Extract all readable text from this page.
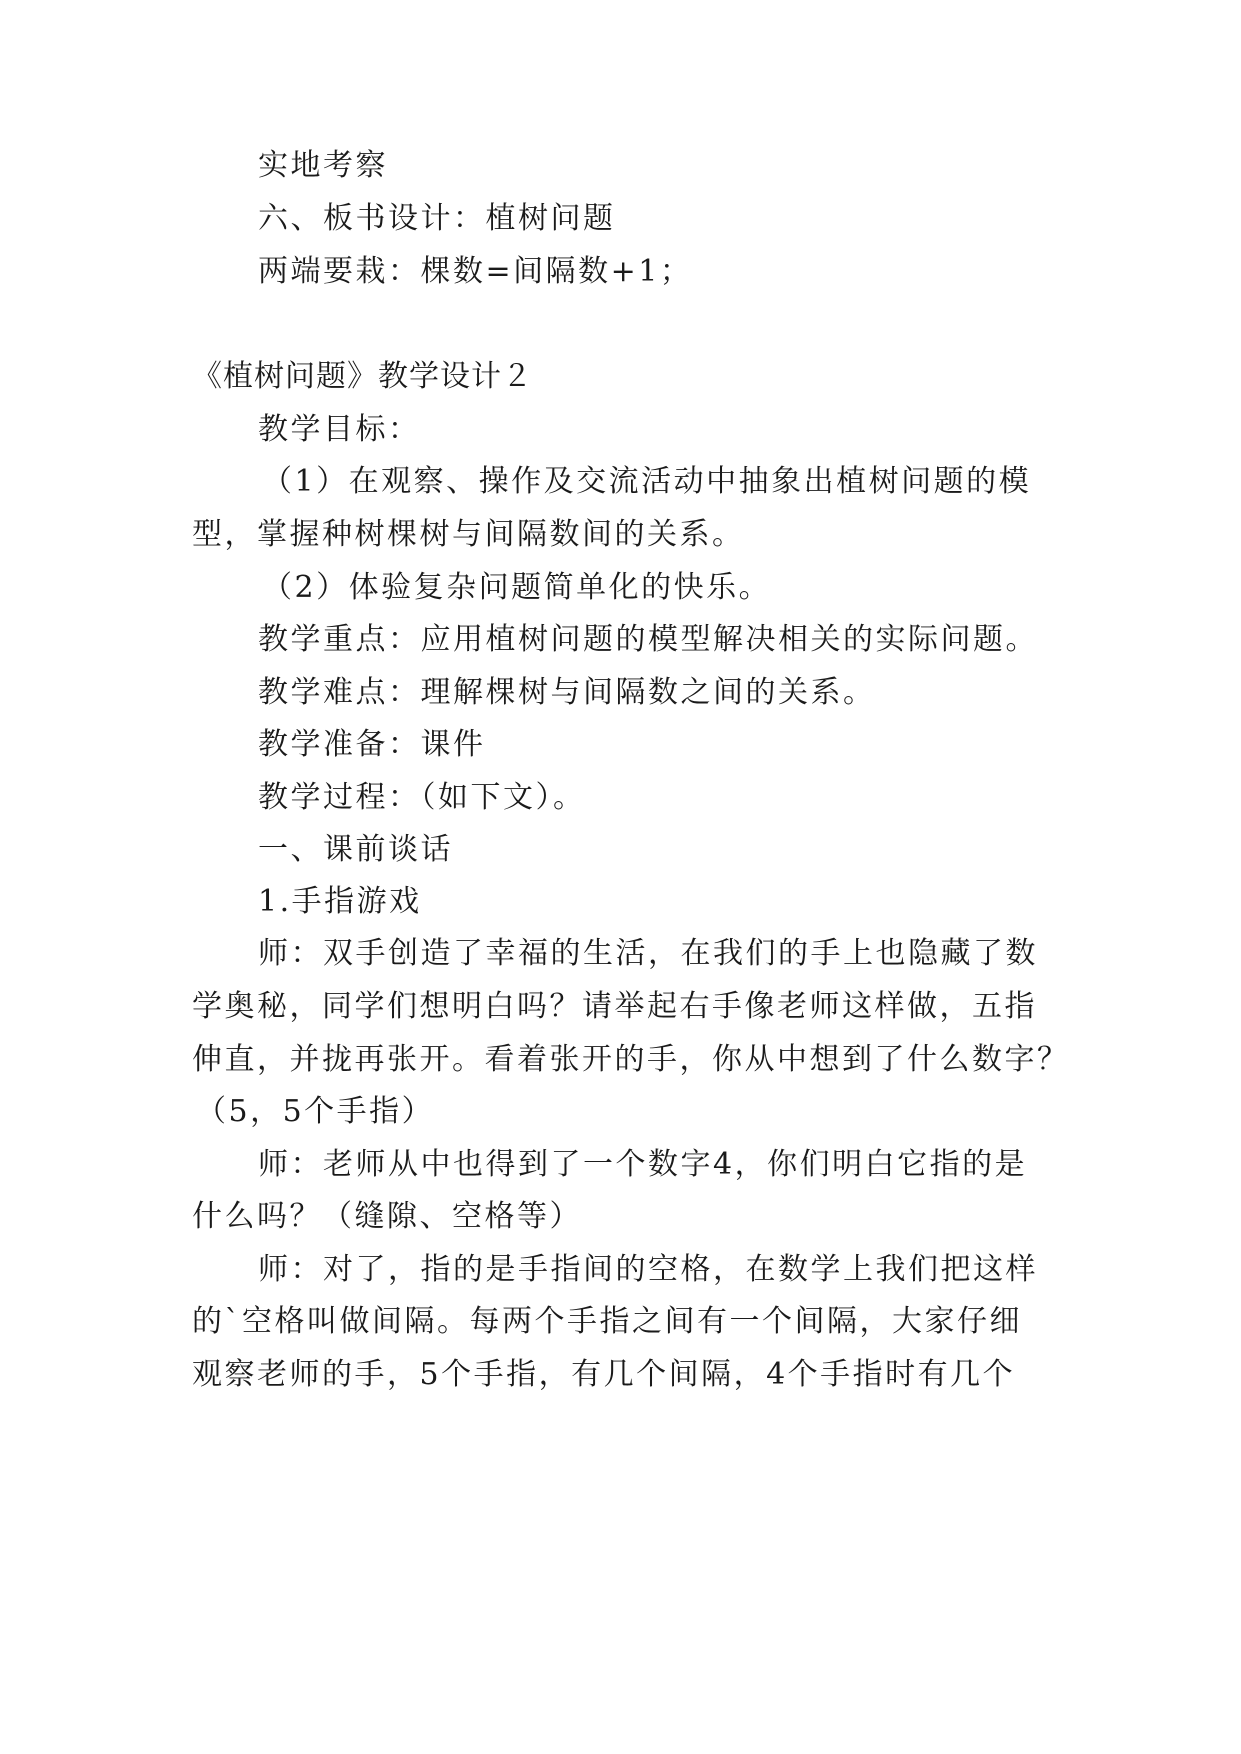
实地考察
六、板书设计：植树问题
两端要栽：棵数=间隔数+1；
《植树问题》教学设计２
教学目标：
（1）在观察、操作及交流活动中抽象出植树问题的模
型，掌握种树棵树与间隔数间的关系。
（2）体验复杂问题简单化的快乐。
教学重点：应用植树问题的模型解决相关的实际问题。
教学难点：理解棵树与间隔数之间的关系。
教学准备：课件
教学过程：（如下文）。
一、课前谈话
1.手指游戏
师：双手创造了幸福的生活，在我们的手上也隐藏了数
学奥秘，同学们想明白吗？请举起右手像老师这样做，五指
伸直，并拢再张开。看着张开的手，你从中想到了什么数字？
（5，5个手指）
师：老师从中也得到了一个数字4，你们明白它指的是
什么吗？（缝隙、空格等）
师：对了，指的是手指间的空格，在数学上我们把这样
的`空格叫做间隔。每两个手指之间有一个间隔，大家仔细
观察老师的手，5个手指，有几个间隔，4个手指时有几个
